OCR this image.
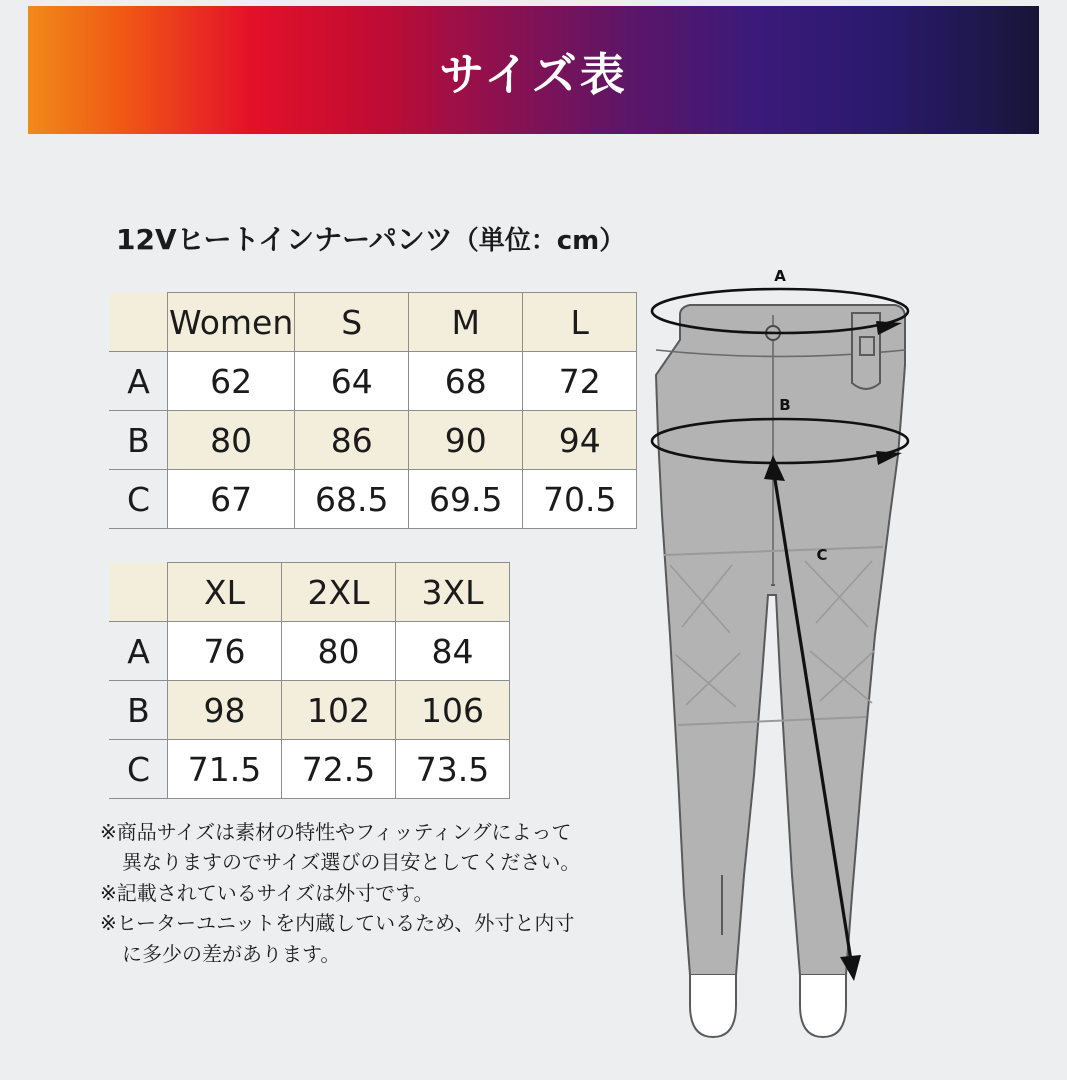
サイズ表
12Vヒートインナーパンツ（単位：cm）
	Women	S	M	L
A	62	64	68	72
B	80	86	90	94
C	67	68.5	69.5	70.5
	XL	2XL	3XL
A	76	80	84
B	98	102	106
C	71.5	72.5	73.5

※商品サイズは素材の特性やフィッティングによって

異なりますのでサイズ選びの目安としてください。

※記載されているサイズは外寸です。

※ヒーターユニットを内蔵しているため、外寸と内寸

に多少の差があります。

A
B
C
